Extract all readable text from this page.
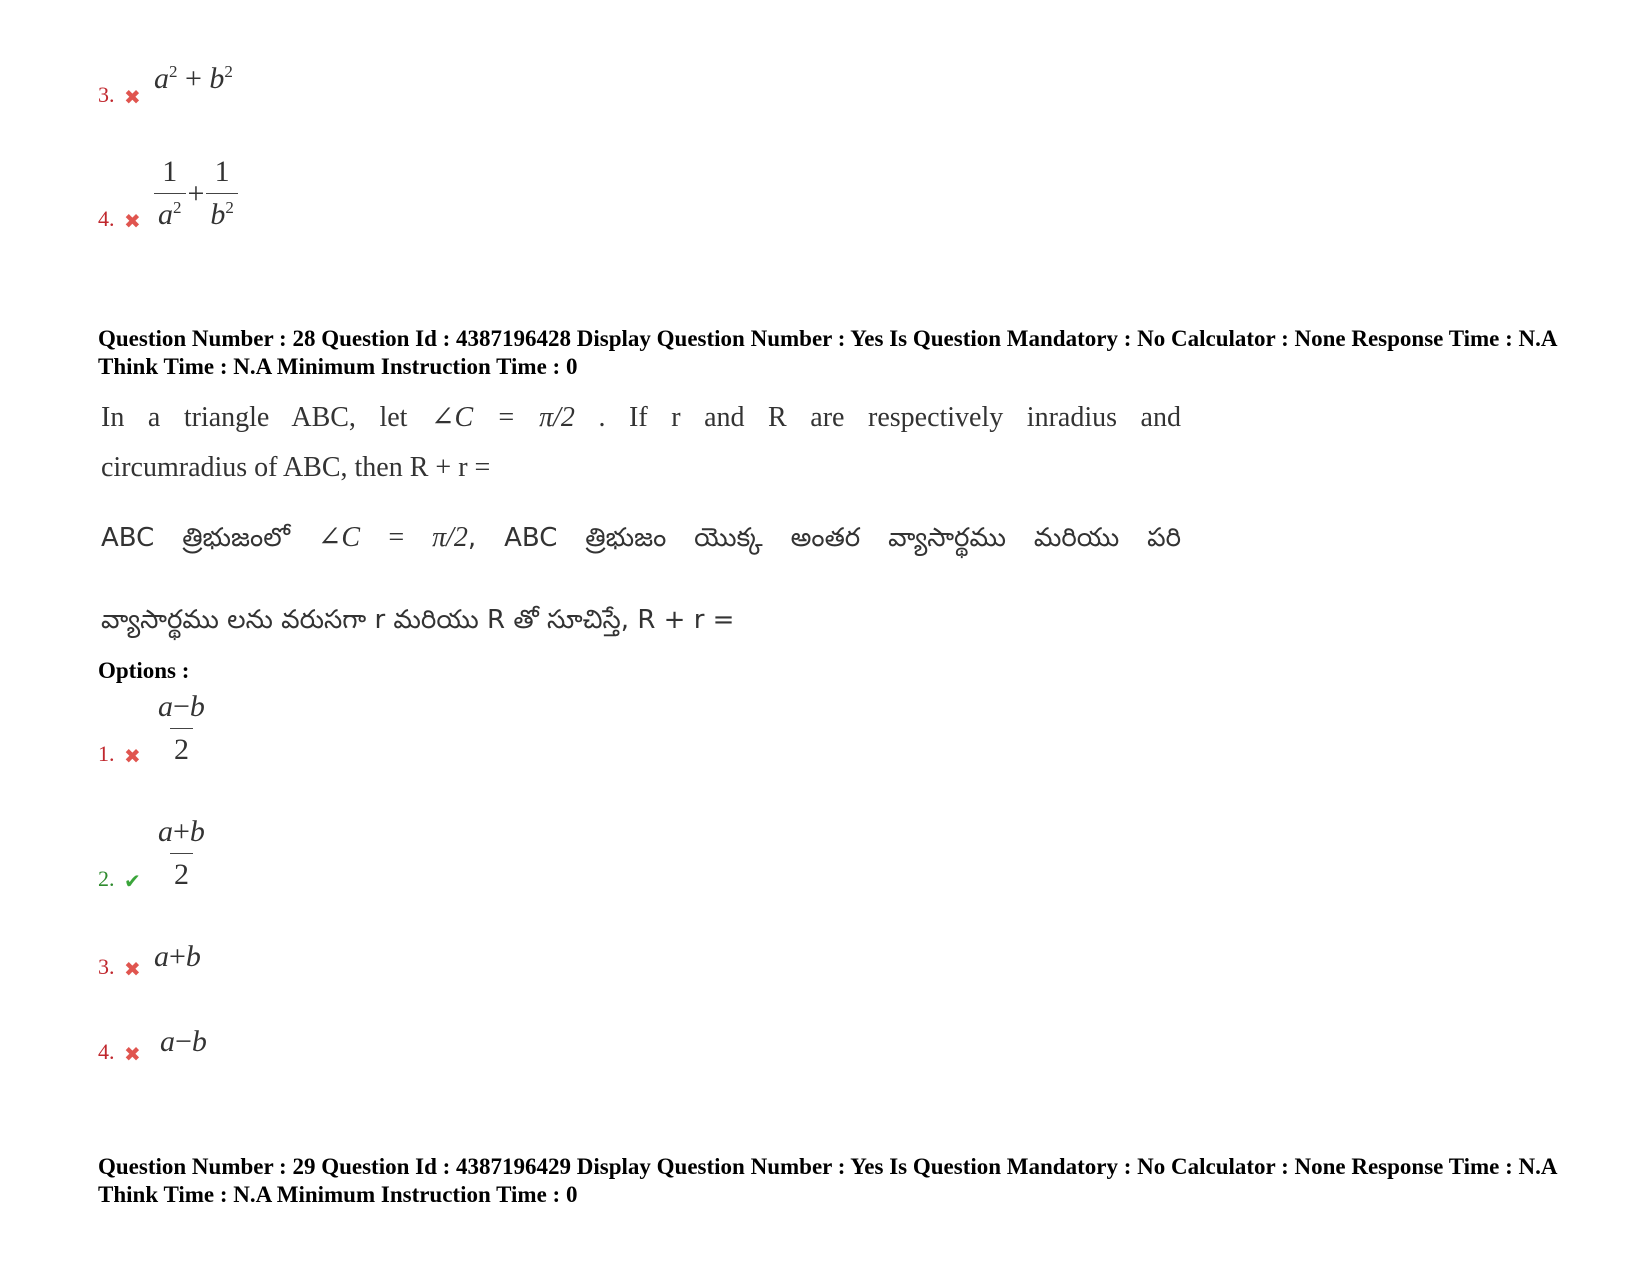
3. ✖
$a^2 + b^2$
4. ✖ $\frac{1}{a^2} + \frac{1}{b^2}$
Question Number : 28 Question Id : 4387196428 Display Question Number : Yes Is Question Mandatory : No Calculator : None Response Time : N.A Think Time : N.A Minimum Instruction Time : 0
In a triangle ABC, let ∠C = π/2 . If r and R are respectively inradius and
circumradius of ABC, then R + r =
ABC త్రిభుజంలో ∠C = π/2, ABC త్రిభుజం యొక్క అంతర వ్యాసార్థము మరియు పరి
వ్యాసార్థము లను వరుసగా r మరియు R తో సూచిస్తే, R + r =
Options :
1. ✖ $\frac{a-b}{2}$
2. ✔ $\frac{a+b}{2}$
3. ✖ a+b
4. ✖ a−b
Question Number : 29 Question Id : 4387196429 Display Question Number : Yes Is Question Mandatory : No Calculator : None Response Time : N.A Think Time : N.A Minimum Instruction Time : 0
